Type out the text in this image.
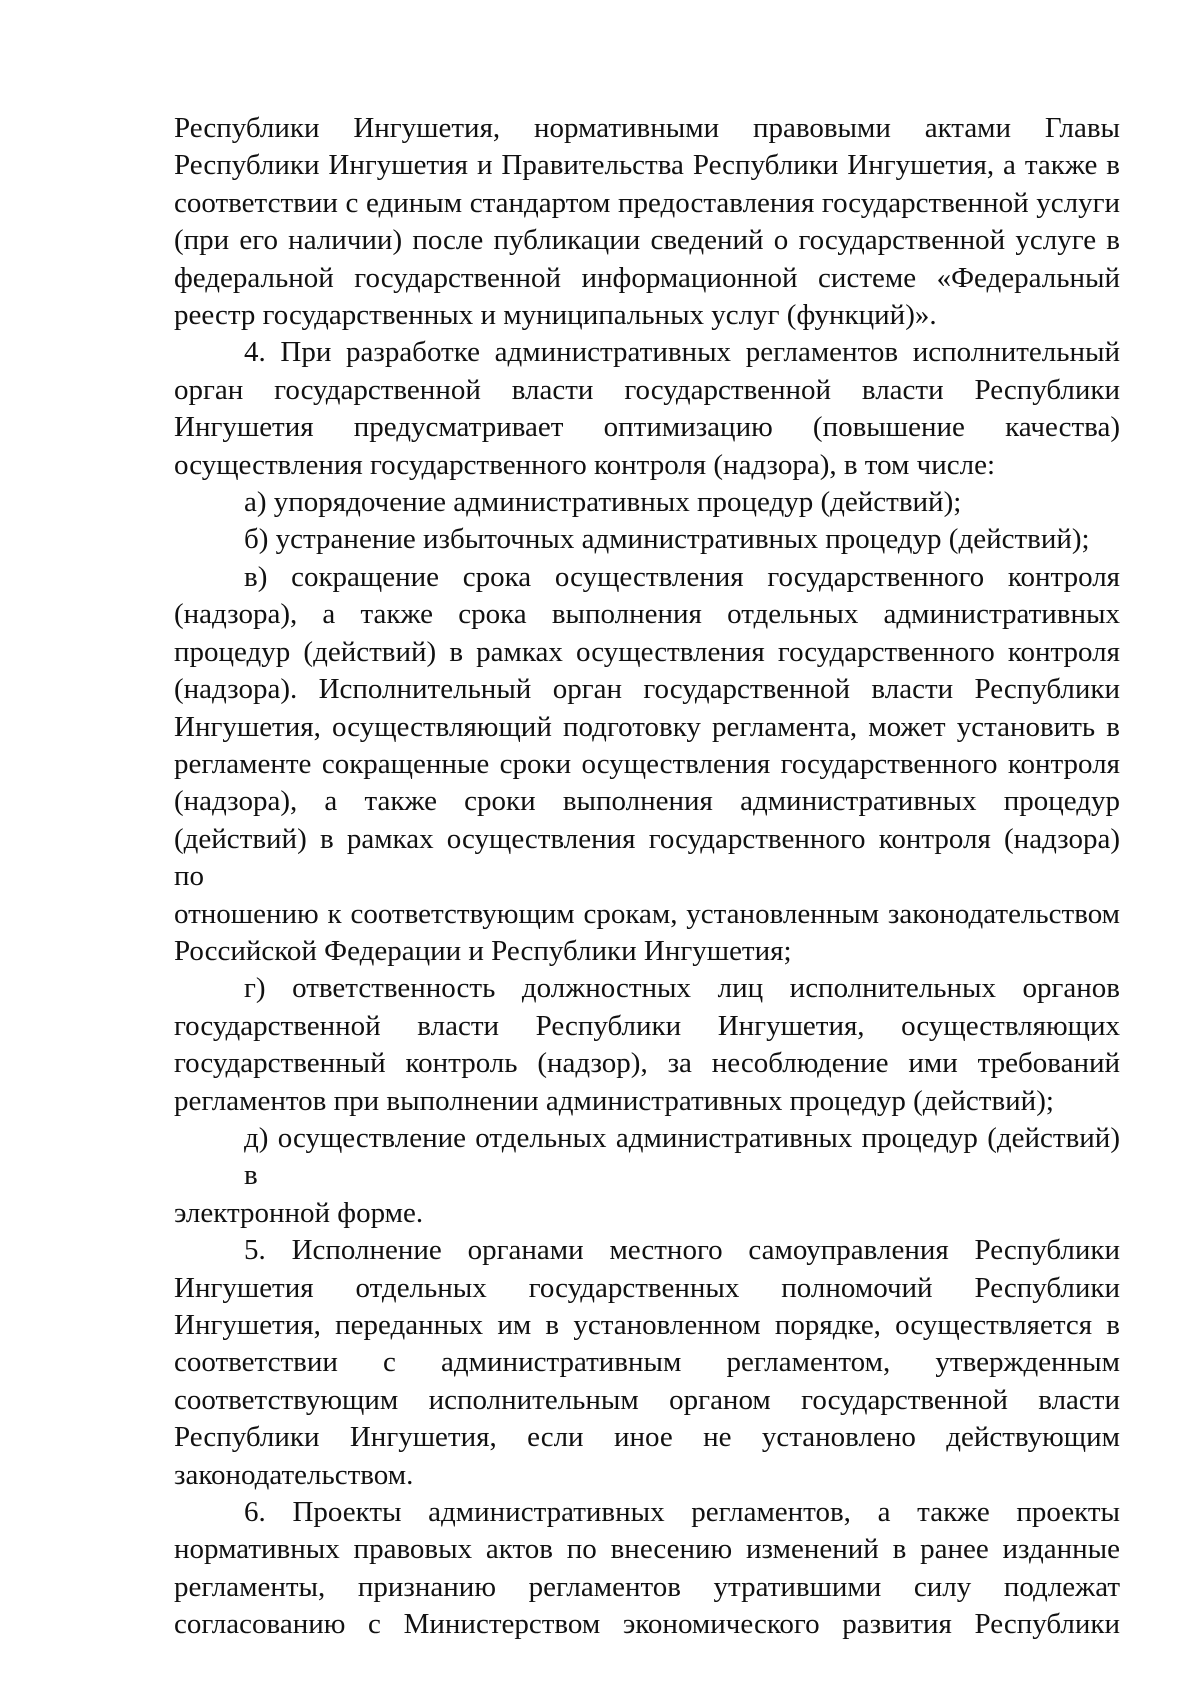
Республики Ингушетия, нормативными правовыми актами Главы
Республики Ингушетия и Правительства Республики Ингушетия, а также в
соответствии с единым стандартом предоставления государственной услуги
(при его наличии) после публикации сведений о государственной услуге в
федеральной государственной информационной системе «Федеральный
реестр государственных и муниципальных услуг (функций)».
4. При разработке административных регламентов исполнительный
орган государственной власти государственной власти Республики
Ингушетия предусматривает оптимизацию (повышение качества)
осуществления государственного контроля (надзора), в том числе:
а) упорядочение административных процедур (действий);
б) устранение избыточных административных процедур (действий);
в) сокращение срока осуществления государственного контроля
(надзора), а также срока выполнения отдельных административных
процедур (действий) в рамках осуществления государственного контроля
(надзора). Исполнительный орган государственной власти Республики
Ингушетия, осуществляющий подготовку регламента, может установить в
регламенте сокращенные сроки осуществления государственного контроля
(надзора), а также сроки выполнения административных процедур
(действий) в рамках осуществления государственного контроля (надзора) по
отношению к соответствующим срокам, установленным законодательством
Российской Федерации и Республики Ингушетия;
г) ответственность должностных лиц исполнительных органов
государственной власти Республики Ингушетия, осуществляющих
государственный контроль (надзор), за несоблюдение ими требований
регламентов при выполнении административных процедур (действий);
д) осуществление отдельных административных процедур (действий) в
электронной форме.
5. Исполнение органами местного самоуправления Республики
Ингушетия отдельных государственных полномочий Республики
Ингушетия, переданных им в установленном порядке, осуществляется в
соответствии с административным регламентом, утвержденным
соответствующим исполнительным органом государственной власти
Республики Ингушетия, если иное не установлено действующим
законодательством.
6. Проекты административных регламентов, а также проекты
нормативных правовых актов по внесению изменений в ранее изданные
регламенты, признанию регламентов утратившими силу подлежат
согласованию с Министерством экономического развития Республики
